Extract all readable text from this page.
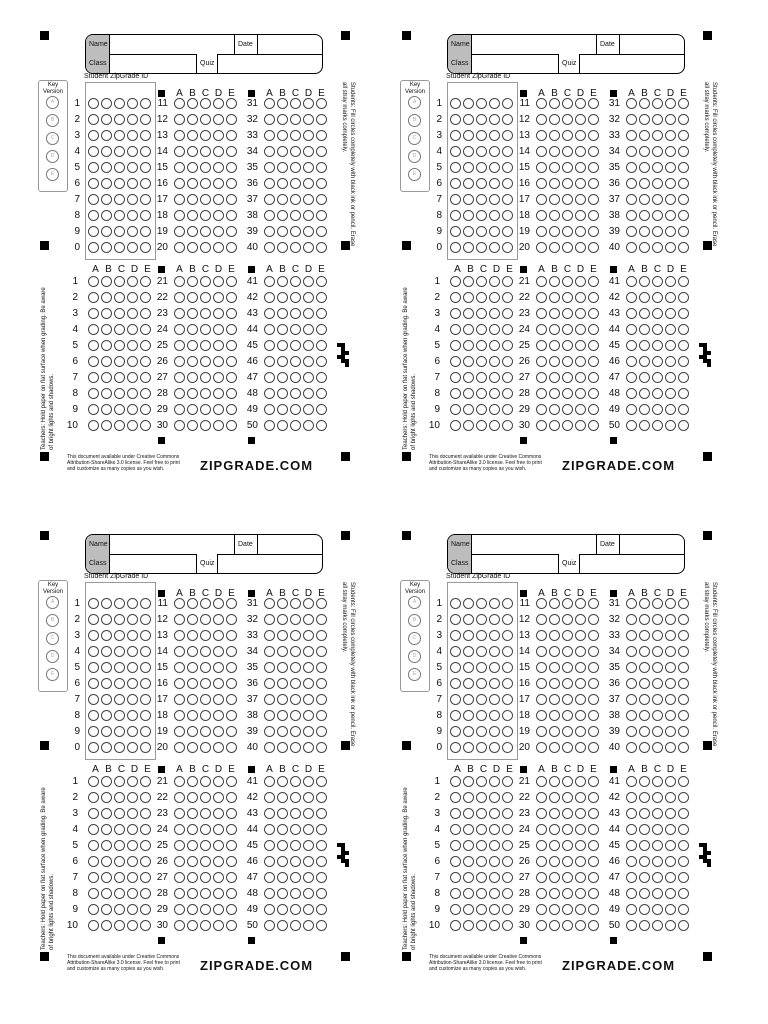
Name	Date
Class	Quiz
Student ZipGrade ID
Key Version
A
B
C
D
E
1
2
3
4
5
6
7
8
9
0
A B C D E	A B C D E
A B C D E	A B C D E	A B C D E
11
12
13
14
15
16
17
18
19
20
31
32
33
34
35
36
37
38
39
40
1
2
3
4
5
6
7
8
9
10
21
22
23
24
25
26
27
28
29
30
41
42
43
44
45
46
47
48
49
50
Students: Fill circles completely with black ink or pencil. Erase all stray marks completely.
Teachers: Hold paper on flat surface when grading. Be aware of bright lights and shadows.
This document available under Creative Commons Attribution-ShareAlike 3.0 license. Feel free to print and customize as many copies as you wish.	ZIPGRADE.COM
Name	Date
Class	Quiz
Student ZipGrade ID
Key Version
A
B
C
D
E
1
2
3
4
5
6
7
8
9
0
A B C D E	A B C D E
A B C D E	A B C D E	A B C D E
11
12
13
14
15
16
17
18
19
20
31
32
33
34
35
36
37
38
39
40
1
2
3
4
5
6
7
8
9
10
21
22
23
24
25
26
27
28
29
30
41
42
43
44
45
46
47
48
49
50
Students: Fill circles completely with black ink or pencil. Erase all stray marks completely.
Teachers: Hold paper on flat surface when grading. Be aware of bright lights and shadows.
This document available under Creative Commons Attribution-ShareAlike 3.0 license. Feel free to print and customize as many copies as you wish.	ZIPGRADE.COM
Name	Date
Class	Quiz
Student ZipGrade ID
Key Version
A
B
C
D
E
1
2
3
4
5
6
7
8
9
0
A B C D E	A B C D E
A B C D E	A B C D E	A B C D E
11
12
13
14
15
16
17
18
19
20
31
32
33
34
35
36
37
38
39
40
1
2
3
4
5
6
7
8
9
10
21
22
23
24
25
26
27
28
29
30
41
42
43
44
45
46
47
48
49
50
Students: Fill circles completely with black ink or pencil. Erase all stray marks completely.
Teachers: Hold paper on flat surface when grading. Be aware of bright lights and shadows.
This document available under Creative Commons Attribution-ShareAlike 3.0 license. Feel free to print and customize as many copies as you wish.	ZIPGRADE.COM
Name	Date
Class	Quiz
Student ZipGrade ID
Key Version
A
B
C
D
E
1
2
3
4
5
6
7
8
9
0
A B C D E	A B C D E
A B C D E	A B C D E	A B C D E
11
12
13
14
15
16
17
18
19
20
31
32
33
34
35
36
37
38
39
40
1
2
3
4
5
6
7
8
9
10
21
22
23
24
25
26
27
28
29
30
41
42
43
44
45
46
47
48
49
50
Students: Fill circles completely with black ink or pencil. Erase all stray marks completely.
Teachers: Hold paper on flat surface when grading. Be aware of bright lights and shadows.
This document available under Creative Commons Attribution-ShareAlike 3.0 license. Feel free to print and customize as many copies as you wish.	ZIPGRADE.COM
